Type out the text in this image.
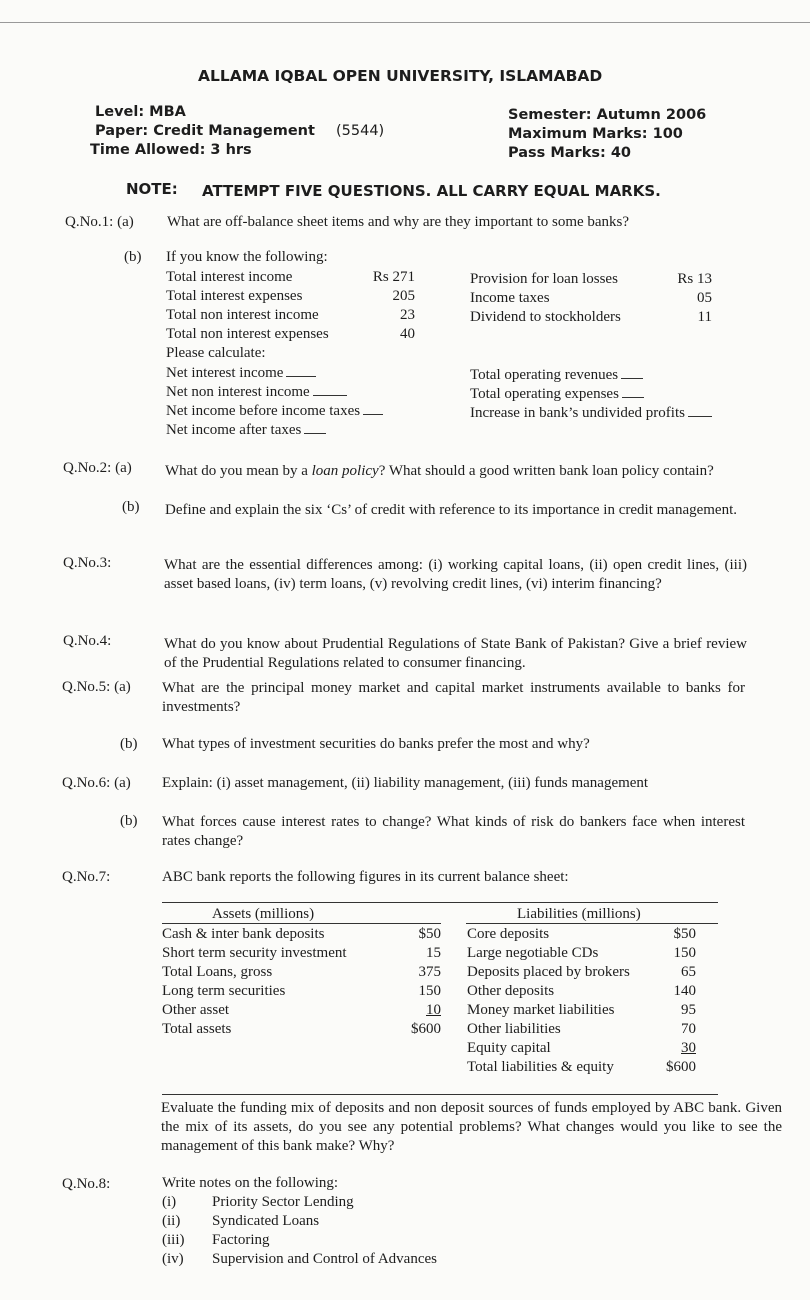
ALLAMA IQBAL OPEN UNIVERSITY, ISLAMABAD
Level: MBA
Paper: Credit Management (5544)
Time Allowed: 3 hrs
Semester: Autumn 2006
Maximum Marks: 100
Pass Marks: 40
NOTE: ATTEMPT FIVE QUESTIONS. ALL CARRY EQUAL MARKS.
Q.No.1: (a) What are off-balance sheet items and why are they important to some banks?
(b) If you know the following:
Total interest income	Rs 271
Total interest expenses	205
Total non interest income	23
Total non interest expenses	40
Provision for loan losses	Rs 13
Income taxes	05
Dividend to stockholders	11
Please calculate:
Net interest income
Net non interest income
Net income before income taxes
Net income after taxes
Total operating revenues
Total operating expenses
Increase in bank’s undivided profits
Q.No.2: (a) What do you mean by a loan policy? What should a good written bank loan policy contain?
(b) Define and explain the six ‘Cs’ of credit with reference to its importance in credit management.
Q.No.3:	What are the essential differences among: (i) working capital loans, (ii) open credit lines, (iii) asset based loans, (iv) term loans, (v) revolving credit lines, (vi) interim financing?
Q.No.4:	What do you know about Prudential Regulations of State Bank of Pakistan? Give a brief review of the Prudential Regulations related to consumer financing.
Q.No.5: (a) What are the principal money market and capital market instruments available to banks for investments?
(b) What types of investment securities do banks prefer the most and why?
Q.No.6: (a) Explain: (i) asset management, (ii) liability management, (iii) funds management
(b) What forces cause interest rates to change? What kinds of risk do bankers face when interest rates change?
Q.No.7:	ABC bank reports the following figures in its current balance sheet:
Assets (millions)	Liabilities (millions)
Cash & inter bank deposits	$50
Short term security investment	15
Total Loans, gross	375
Long term securities	150
Other asset	10
Total assets	$600
Core deposits	$50
Large negotiable CDs	150
Deposits placed by brokers	65
Other deposits	140
Money market liabilities	95
Other liabilities	70
Equity capital	30
Total liabilities & equity	$600
Evaluate the funding mix of deposits and non deposit sources of funds employed by ABC bank. Given the mix of its assets, do you see any potential problems? What changes would you like to see the management of this bank make? Why?
Q.No.8:	Write notes on the following:
(i) Priority Sector Lending
(ii) Syndicated Loans
(iii) Factoring
(iv) Supervision and Control of Advances
